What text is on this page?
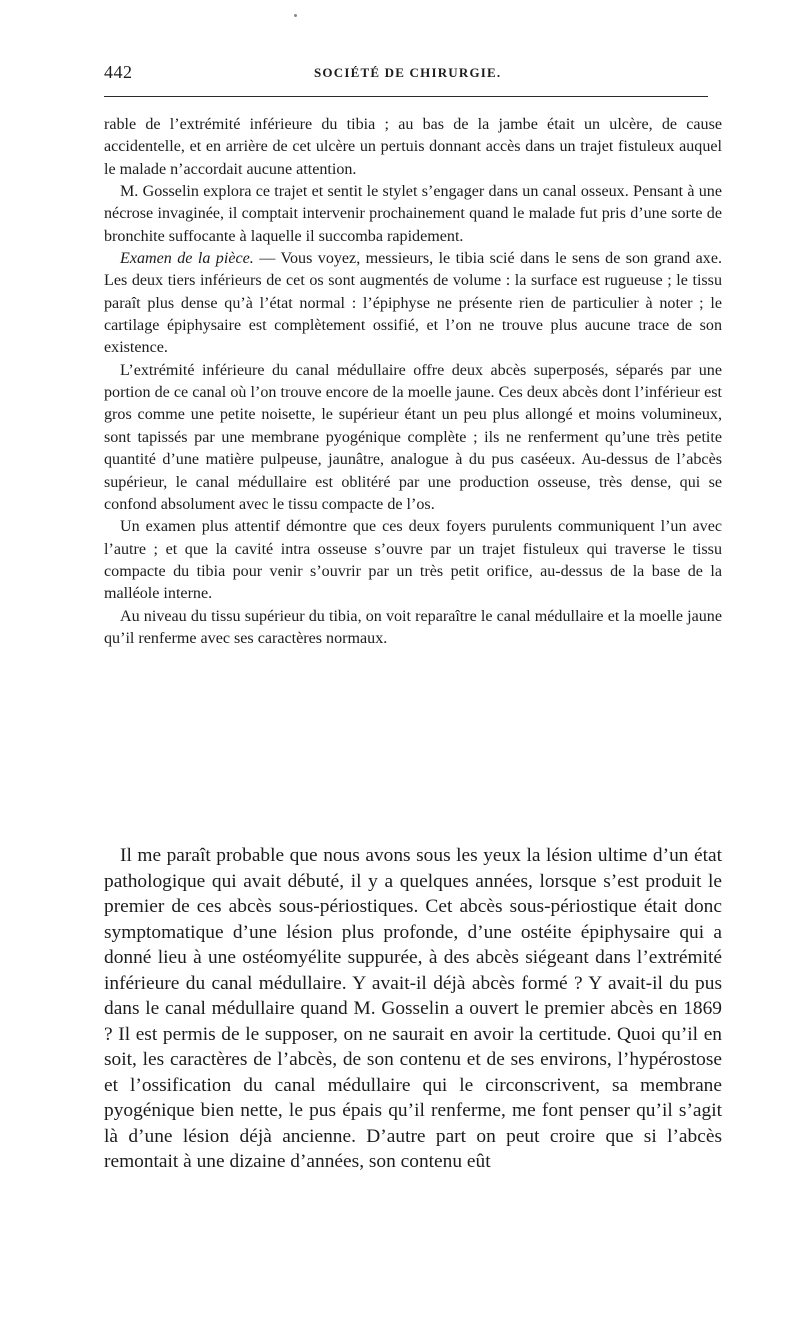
442	SOCIÉTÉ DE CHIRURGIE.

rable de l’extrémité inférieure du tibia ; au bas de la jambe était un ulcère, de cause accidentelle, et en arrière de cet ulcère un pertuis donnant accès dans un trajet fistuleux auquel le malade n’accordait aucune attention.

M. Gosselin explora ce trajet et sentit le stylet s’engager dans un canal osseux. Pensant à une nécrose invaginée, il comptait intervenir prochainement quand le malade fut pris d’une sorte de bronchite suffocante à laquelle il succomba rapidement.

Examen de la pièce. — Vous voyez, messieurs, le tibia scié dans le sens de son grand axe. Les deux tiers inférieurs de cet os sont augmentés de volume : la surface est rugueuse ; le tissu paraît plus dense qu’à l’état normal : l’épiphyse ne présente rien de particulier à noter ; le cartilage épiphysaire est complètement ossifié, et l’on ne trouve plus aucune trace de son existence.

L’extrémité inférieure du canal médullaire offre deux abcès superposés, séparés par une portion de ce canal où l’on trouve encore de la moelle jaune. Ces deux abcès dont l’inférieur est gros comme une petite noisette, le supérieur étant un peu plus allongé et moins volumineux, sont tapissés par une membrane pyogénique complète ; ils ne renferment qu’une très petite quantité d’une matière pulpeuse, jaunâtre, analogue à du pus caséeux. Au-dessus de l’abcès supérieur, le canal médullaire est oblitéré par une production osseuse, très dense, qui se confond absolument avec le tissu compacte de l’os.

Un examen plus attentif démontre que ces deux foyers purulents communiquent l’un avec l’autre ; et que la cavité intra osseuse s’ouvre par un trajet fistuleux qui traverse le tissu compacte du tibia pour venir s’ouvrir par un très petit orifice, au-dessus de la base de la malléole interne.

Au niveau du tissu supérieur du tibia, on voit reparaître le canal médullaire et la moelle jaune qu’il renferme avec ses caractères normaux.

Il me paraît probable que nous avons sous les yeux la lésion ultime d’un état pathologique qui avait débuté, il y a quelques années, lorsque s’est produit le premier de ces abcès sous-périostiques. Cet abcès sous-périostique était donc symptomatique d’une lésion plus profonde, d’une ostéite épiphysaire qui a donné lieu à une ostéomyélite suppurée, à des abcès siégeant dans l’extrémité inférieure du canal médullaire. Y avait-il déjà abcès formé ? Y avait-il du pus dans le canal médullaire quand M. Gosselin a ouvert le premier abcès en 1869 ? Il est permis de le supposer, on ne saurait en avoir la certitude. Quoi qu’il en soit, les caractères de l’abcès, de son contenu et de ses environs, l’hypérostose et l’ossification du canal médullaire qui le circonscrivent, sa membrane pyogénique bien nette, le pus épais qu’il renferme, me font penser qu’il s’agit là d’une lésion déjà ancienne. D’autre part on peut croire que si l’abcès remontait à une dizaine d’années, son contenu eût
